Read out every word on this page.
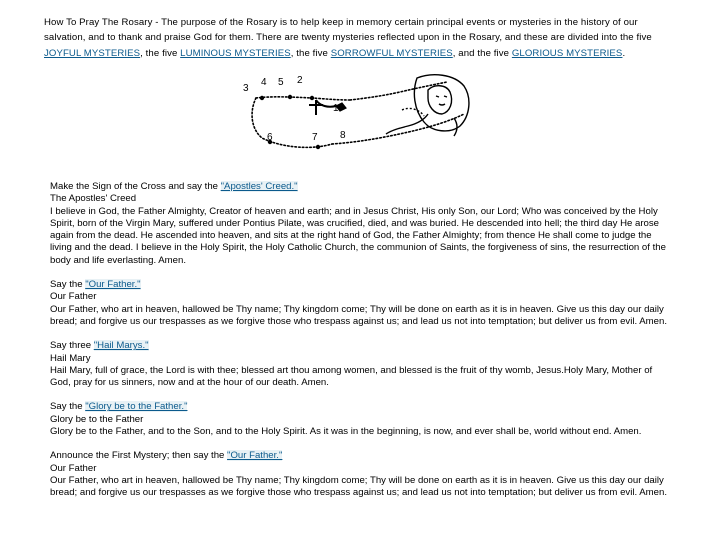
How To Pray The Rosary - The purpose of the Rosary is to help keep in memory certain principal events or mysteries in the history of our salvation, and to thank and praise God for them. There are twenty mysteries reflected upon in the Rosary, and these are divided into the five JOYFUL MYSTERIES, the five LUMINOUS MYSTERIES, the five SORROWFUL MYSTERIES, and the five GLORIOUS MYSTERIES.
3
4 5 2
1
6	7 8

Make the Sign of the Cross and say the "Apostles' Creed."

The Apostles' Creed

I believe in God, the Father Almighty, Creator of heaven and earth; and in Jesus Christ, His only Son, our Lord; Who was conceived by the Holy Spirit, born of the Virgin Mary, suffered under Pontius Pilate, was crucified, died, and was buried. He descended into hell; the third day He arose again from the dead. He ascended into heaven, and sits at the right hand of God, the Father Almighty; from thence He shall come to judge the living and the dead. I believe in the Holy Spirit, the Holy Catholic Church, the communion of Saints, the forgiveness of sins, the resurrection of the body and life everlasting. Amen.

Say the "Our Father."

Our Father

Our Father, who art in heaven, hallowed be Thy name; Thy kingdom come; Thy will be done on earth as it is in heaven. Give us this day our daily bread; and forgive us our trespasses as we forgive those who trespass against us; and lead us not into temptation; but deliver us from evil. Amen.

Say three "Hail Marys."

Hail Mary

Hail Mary, full of grace, the Lord is with thee; blessed art thou among women, and blessed is the fruit of thy womb, Jesus.Holy Mary, Mother of God, pray for us sinners, now and at the hour of our death. Amen.

Say the "Glory be to the Father."

Glory be to the Father

Glory be to the Father, and to the Son, and to the Holy Spirit. As it was in the beginning, is now, and ever shall be, world without end. Amen.

Announce the First Mystery; then say the "Our Father."

Our Father

Our Father, who art in heaven, hallowed be Thy name; Thy kingdom come; Thy will be done on earth as it is in heaven. Give us this day our daily bread; and forgive us our trespasses as we forgive those who trespass against us; and lead us not into temptation; but deliver us from evil. Amen.
